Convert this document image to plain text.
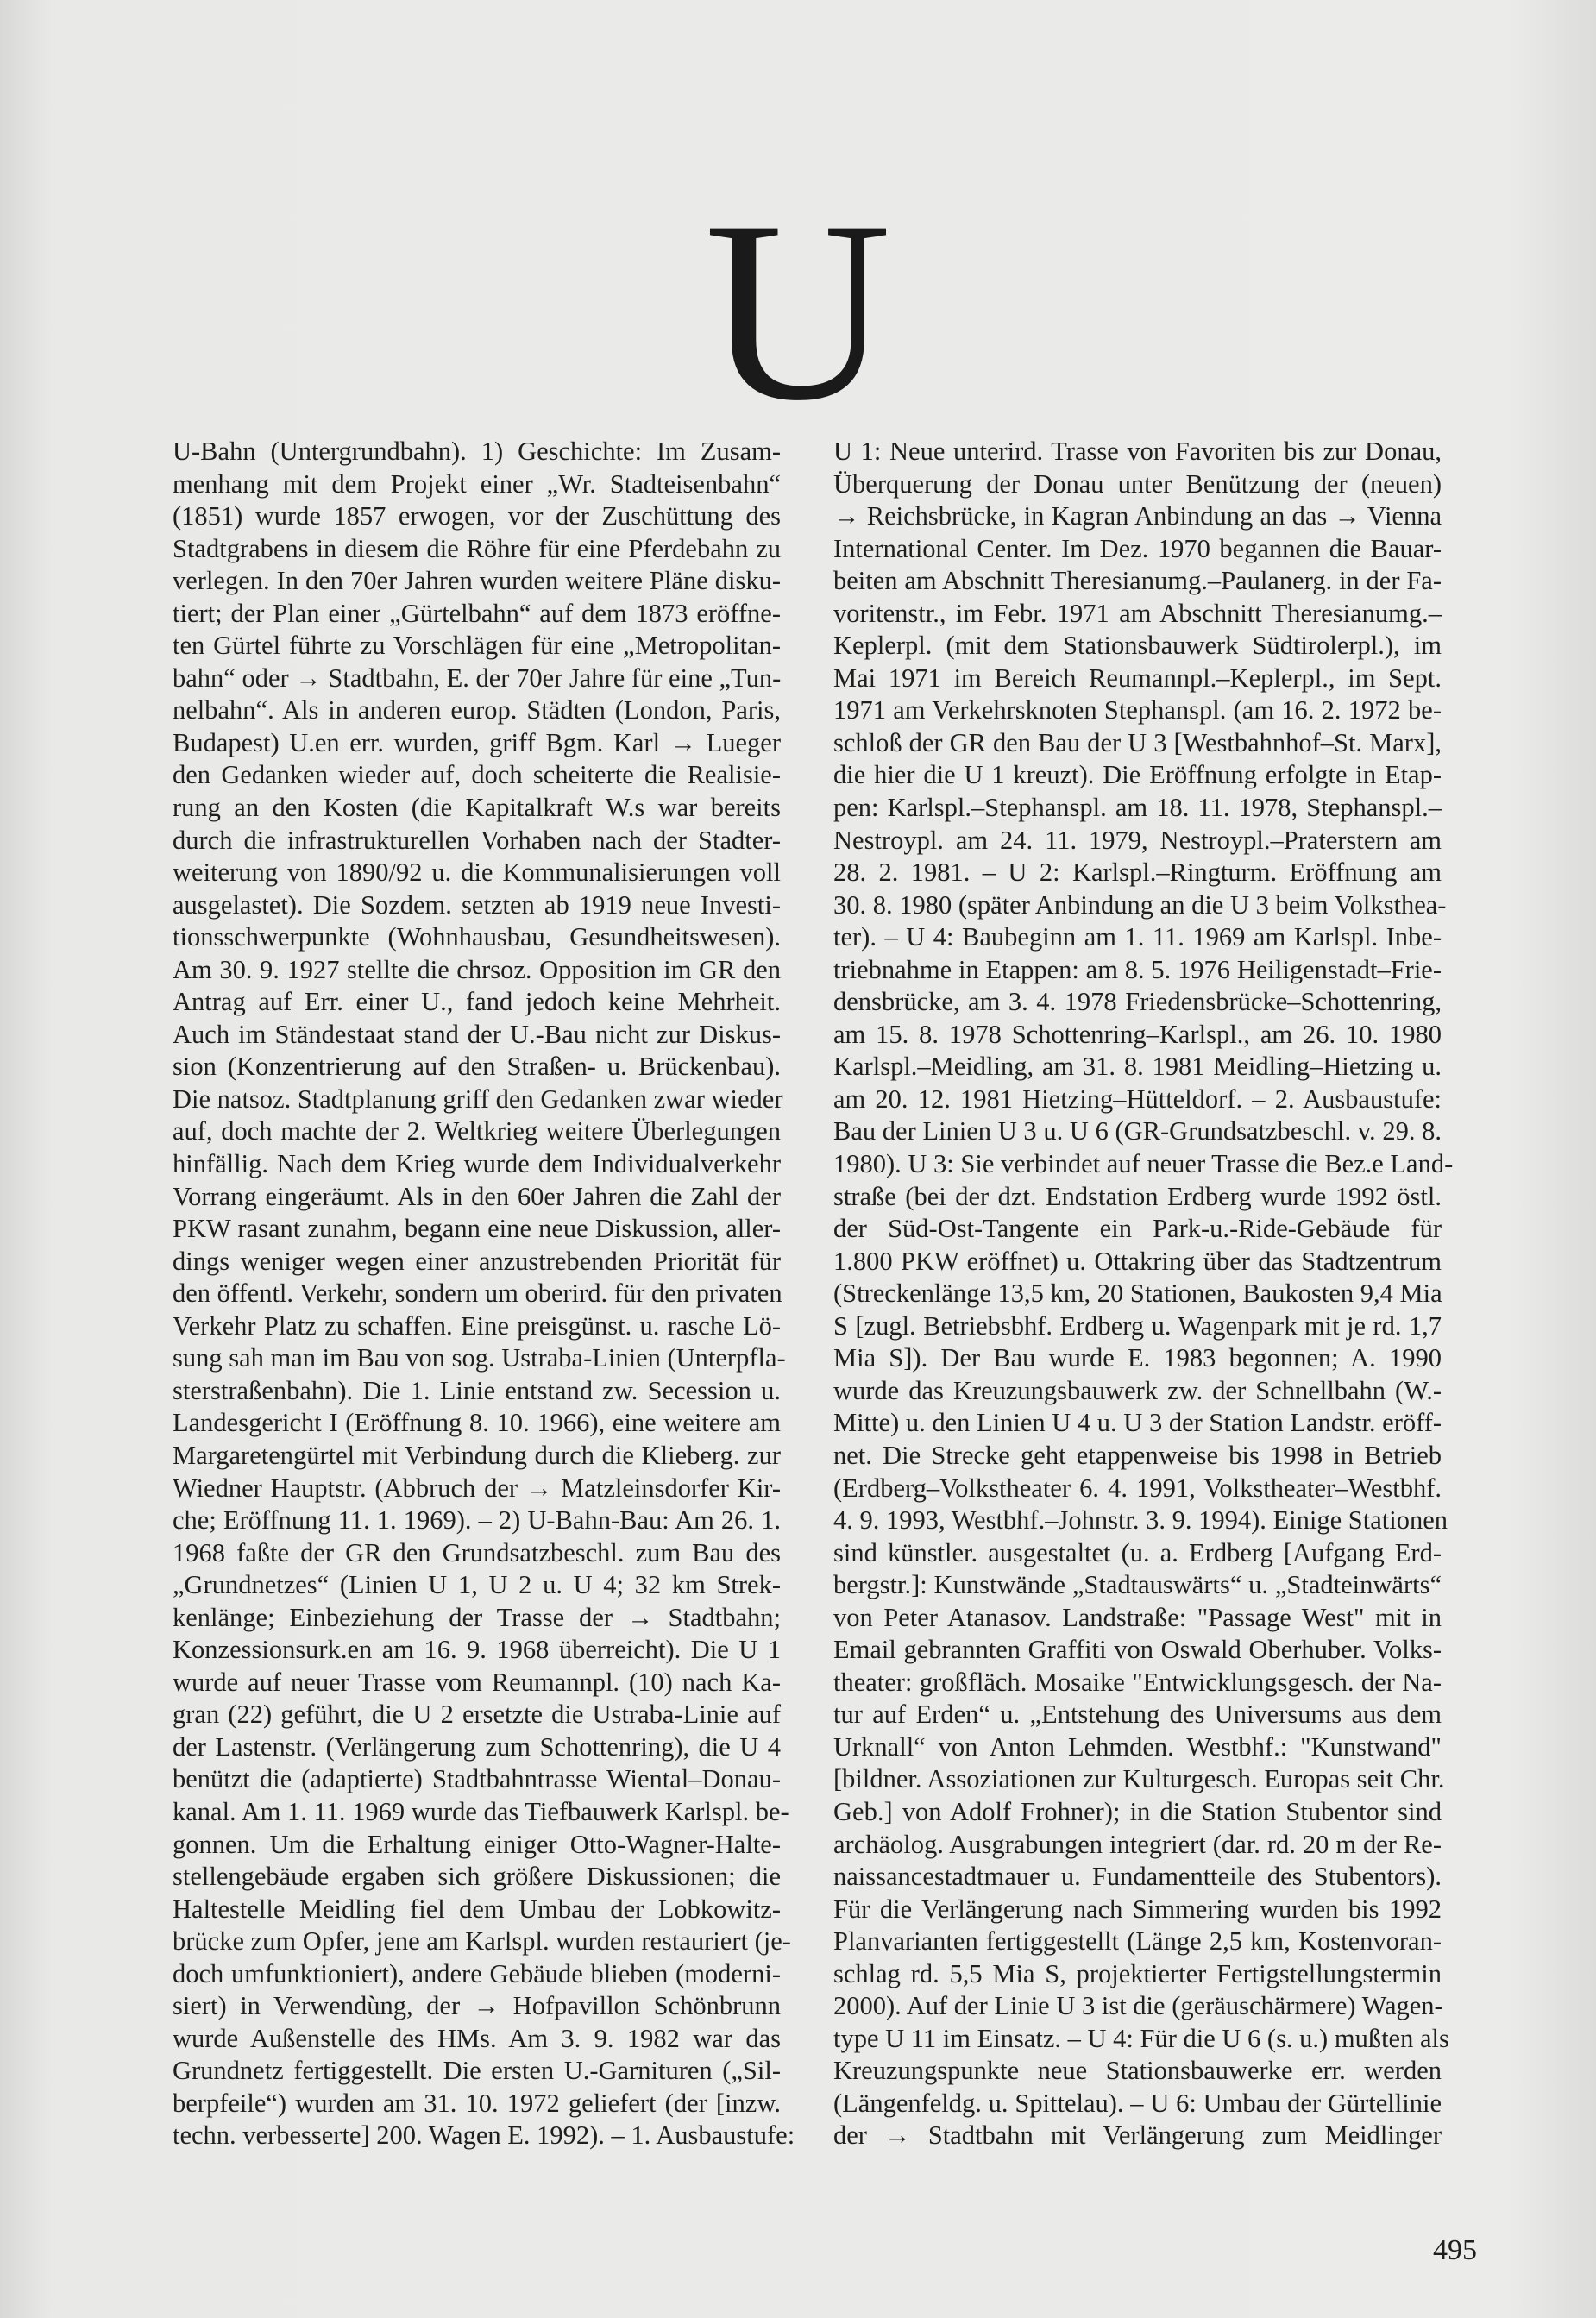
U
U-Bahn (Untergrundbahn). 1) Geschichte: Im Zusam-
menhang mit dem Projekt einer „Wr. Stadteisenbahn“
(1851) wurde 1857 erwogen, vor der Zuschüttung des
Stadtgrabens in diesem die Röhre für eine Pferdebahn zu
verlegen. In den 70er Jahren wurden weitere Pläne disku-
tiert; der Plan einer „Gürtelbahn“ auf dem 1873 eröffne-
ten Gürtel führte zu Vorschlägen für eine „Metropolitan-
bahn“ oder → Stadtbahn, E. der 70er Jahre für eine „Tun-
nelbahn“. Als in anderen europ. Städten (London, Paris,
Budapest) U.en err. wurden, griff Bgm. Karl → Lueger
den Gedanken wieder auf, doch scheiterte die Realisie-
rung an den Kosten (die Kapitalkraft W.s war bereits
durch die infrastrukturellen Vorhaben nach der Stadter-
weiterung von 1890/92 u. die Kommunalisierungen voll
ausgelastet). Die Sozdem. setzten ab 1919 neue Investi-
tionsschwerpunkte (Wohnhausbau, Gesundheitswesen).
Am 30. 9. 1927 stellte die chrsoz. Opposition im GR den
Antrag auf Err. einer U., fand jedoch keine Mehrheit.
Auch im Ständestaat stand der U.-Bau nicht zur Diskus-
sion (Konzentrierung auf den Straßen- u. Brückenbau).
Die natsoz. Stadtplanung griff den Gedanken zwar wieder
auf, doch machte der 2. Weltkrieg weitere Überlegungen
hinfällig. Nach dem Krieg wurde dem Individualverkehr
Vorrang eingeräumt. Als in den 60er Jahren die Zahl der
PKW rasant zunahm, begann eine neue Diskussion, aller-
dings weniger wegen einer anzustrebenden Priorität für
den öffentl. Verkehr, sondern um oberird. für den privaten
Verkehr Platz zu schaffen. Eine preisgünst. u. rasche Lö-
sung sah man im Bau von sog. Ustraba-Linien (Unterpfla-
sterstraßenbahn). Die 1. Linie entstand zw. Secession u.
Landesgericht I (Eröffnung 8. 10. 1966), eine weitere am
Margaretengürtel mit Verbindung durch die Klieberg. zur
Wiedner Hauptstr. (Abbruch der → Matzleinsdorfer Kir-
che; Eröffnung 11. 1. 1969). – 2) U-Bahn-Bau: Am 26. 1.
1968 faßte der GR den Grundsatzbeschl. zum Bau des
„Grundnetzes“ (Linien U 1, U 2 u. U 4; 32 km Strek-
kenlänge; Einbeziehung der Trasse der → Stadtbahn;
Konzessionsurk.en am 16. 9. 1968 überreicht). Die U 1
wurde auf neuer Trasse vom Reumannpl. (10) nach Ka-
gran (22) geführt, die U 2 ersetzte die Ustraba-Linie auf
der Lastenstr. (Verlängerung zum Schottenring), die U 4
benützt die (adaptierte) Stadtbahntrasse Wiental–Donau-
kanal. Am 1. 11. 1969 wurde das Tiefbauwerk Karlspl. be-
gonnen. Um die Erhaltung einiger Otto-Wagner-Halte-
stellengebäude ergaben sich größere Diskussionen; die
Haltestelle Meidling fiel dem Umbau der Lobkowitz-
brücke zum Opfer, jene am Karlspl. wurden restauriert (je-
doch umfunktioniert), andere Gebäude blieben (moderni-
siert) in Verwendùng, der → Hofpavillon Schönbrunn
wurde Außenstelle des HMs. Am 3. 9. 1982 war das
Grundnetz fertiggestellt. Die ersten U.-Garnituren („Sil-
berpfeile“) wurden am 31. 10. 1972 geliefert (der [inzw.
techn. verbesserte] 200. Wagen E. 1992). – 1. Ausbaustufe:
U 1: Neue unterird. Trasse von Favoriten bis zur Donau,
Überquerung der Donau unter Benützung der (neuen)
→ Reichsbrücke, in Kagran Anbindung an das → Vienna
International Center. Im Dez. 1970 begannen die Bauar-
beiten am Abschnitt Theresianumg.–Paulanerg. in der Fa-
voritenstr., im Febr. 1971 am Abschnitt Theresianumg.–
Keplerpl. (mit dem Stationsbauwerk Südtirolerpl.), im
Mai 1971 im Bereich Reumannpl.–Keplerpl., im Sept.
1971 am Verkehrsknoten Stephanspl. (am 16. 2. 1972 be-
schloß der GR den Bau der U 3 [Westbahnhof–St. Marx],
die hier die U 1 kreuzt). Die Eröffnung erfolgte in Etap-
pen: Karlspl.–Stephanspl. am 18. 11. 1978, Stephanspl.–
Nestroypl. am 24. 11. 1979, Nestroypl.–Praterstern am
28. 2. 1981. – U 2: Karlspl.–Ringturm. Eröffnung am
30. 8. 1980 (später Anbindung an die U 3 beim Volksthea-
ter). – U 4: Baubeginn am 1. 11. 1969 am Karlspl. Inbe-
triebnahme in Etappen: am 8. 5. 1976 Heiligenstadt–Frie-
densbrücke, am 3. 4. 1978 Friedensbrücke–Schottenring,
am 15. 8. 1978 Schottenring–Karlspl., am 26. 10. 1980
Karlspl.–Meidling, am 31. 8. 1981 Meidling–Hietzing u.
am 20. 12. 1981 Hietzing–Hütteldorf. – 2. Ausbaustufe:
Bau der Linien U 3 u. U 6 (GR-Grundsatzbeschl. v. 29. 8.
1980). U 3: Sie verbindet auf neuer Trasse die Bez.e Land-
straße (bei der dzt. Endstation Erdberg wurde 1992 östl.
der Süd-Ost-Tangente ein Park-u.-Ride-Gebäude für
1.800 PKW eröffnet) u. Ottakring über das Stadtzentrum
(Streckenlänge 13,5 km, 20 Stationen, Baukosten 9,4 Mia
S [zugl. Betriebsbhf. Erdberg u. Wagenpark mit je rd. 1,7
Mia S]). Der Bau wurde E. 1983 begonnen; A. 1990
wurde das Kreuzungsbauwerk zw. der Schnellbahn (W.-
Mitte) u. den Linien U 4 u. U 3 der Station Landstr. eröff-
net. Die Strecke geht etappenweise bis 1998 in Betrieb
(Erdberg–Volkstheater 6. 4. 1991, Volkstheater–Westbhf.
4. 9. 1993, Westbhf.–Johnstr. 3. 9. 1994). Einige Stationen
sind künstler. ausgestaltet (u. a. Erdberg [Aufgang Erd-
bergstr.]: Kunstwände „Stadtauswärts“ u. „Stadteinwärts“
von Peter Atanasov. Landstraße: "Passage West" mit in
Email gebrannten Graffiti von Oswald Oberhuber. Volks-
theater: großfläch. Mosaike "Entwicklungsgesch. der Na-
tur auf Erden“ u. „Entstehung des Universums aus dem
Urknall“ von Anton Lehmden. Westbhf.: "Kunstwand"
[bildner. Assoziationen zur Kulturgesch. Europas seit Chr.
Geb.] von Adolf Frohner); in die Station Stubentor sind
archäolog. Ausgrabungen integriert (dar. rd. 20 m der Re-
naissancestadtmauer u. Fundamentteile des Stubentors).
Für die Verlängerung nach Simmering wurden bis 1992
Planvarianten fertiggestellt (Länge 2,5 km, Kostenvoran-
schlag rd. 5,5 Mia S, projektierter Fertigstellungstermin
2000). Auf der Linie U 3 ist die (geräuschärmere) Wagen-
type U 11 im Einsatz. – U 4: Für die U 6 (s. u.) mußten als
Kreuzungspunkte neue Stationsbauwerke err. werden
(Längenfeldg. u. Spittelau). – U 6: Umbau der Gürtellinie
der → Stadtbahn mit Verlängerung zum Meidlinger
495
